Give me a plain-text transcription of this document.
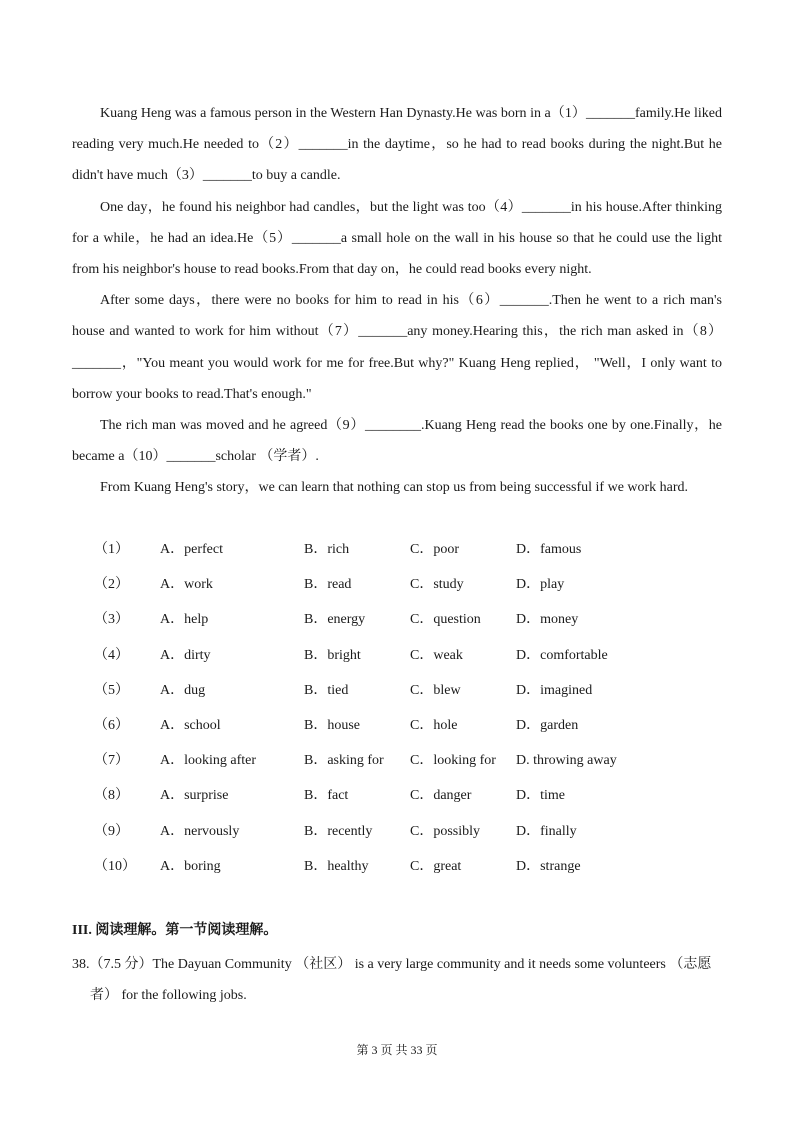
Kuang Heng was a famous person in the Western Han Dynasty.He was born in a（1）_______family.He liked reading very much.He needed to（2）_______in the daytime，so he had to read books during the night.But he didn't have much（3）_______to buy a candle.

One day，he found his neighbor had candles，but the light was too（4）_______in his house.After thinking for a while，he had an idea.He（5）_______a small hole on the wall in his house so that he could use the light from his neighbor's house to read books.From that day on，he could read books every night.

After some days，there were no books for him to read in his（6）_______.Then he went to a rich man's house and wanted to work for him without（7）_______any money.Hearing this，the rich man asked in（8）_______，"You meant you would work for me for free.But why?" Kuang Heng replied， "Well，I only want to borrow your books to read.That's enough."

The rich man was moved and he agreed（9）________.Kuang Heng read the books one by one.Finally，he became a（10）_______scholar （学者）.

From Kuang Heng's story，we can learn that nothing can stop us from being successful if we work hard.

（1） A．perfect	B．rich	C．poor	D．famous
（2） A．work	B．read	C．study	D．play
（3） A．help	B．energy	C．question	D．money
（4） A．dirty	B．bright	C．weak	D．comfortable
（5） A．dug	B．tied	C．blew	D．imagined
（6） A．school	B．house	C．hole	D．garden
（7） A．looking after	B．asking for C．looking for D. throwing away
（8） A．surprise	B．fact	C．danger	D．time
（9） A．nervously	B．recently	C．possibly	D．finally
（10） A．boring	B．healthy	C．great	D．strange
III. 阅读理解。第一节阅读理解。
38.（7.5 分）The Dayuan Community （社区） is a very large community and it needs some volunteers （志愿
者） for the following jobs.
第 3 页 共 33 页
